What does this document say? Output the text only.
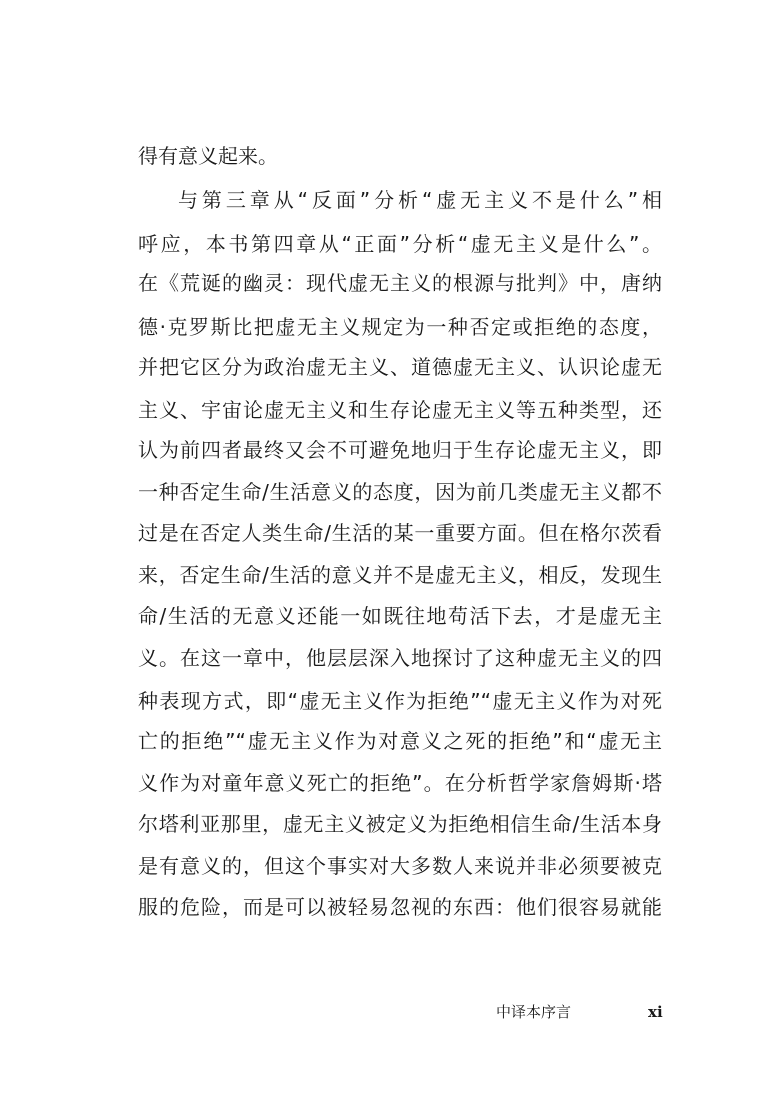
得有意义起来。
与第三章从“反面”分析“虚无主义不是什么”相
呼应，本书第四章从“正面”分析“虚无主义是什么”。
在《荒诞的幽灵：现代虚无主义的根源与批判》中，唐纳
德·克罗斯比把虚无主义规定为一种否定或拒绝的态度，
并把它区分为政治虚无主义、道德虚无主义、认识论虚无
主义、宇宙论虚无主义和生存论虚无主义等五种类型，还
认为前四者最终又会不可避免地归于生存论虚无主义，即
一种否定生命/生活意义的态度，因为前几类虚无主义都不
过是在否定人类生命/生活的某一重要方面。但在格尔茨看
来，否定生命/生活的意义并不是虚无主义，相反，发现生
命/生活的无意义还能一如既往地苟活下去，才是虚无主
义。在这一章中，他层层深入地探讨了这种虚无主义的四
种表现方式，即“虚无主义作为拒绝”“虚无主义作为对死
亡的拒绝”“虚无主义作为对意义之死的拒绝”和“虚无主
义作为对童年意义死亡的拒绝”。在分析哲学家詹姆斯·塔
尔塔利亚那里，虚无主义被定义为拒绝相信生命/生活本身
是有意义的，但这个事实对大多数人来说并非必须要被克
服的危险，而是可以被轻易忽视的东西：他们很容易就能
中译本序言	xi
